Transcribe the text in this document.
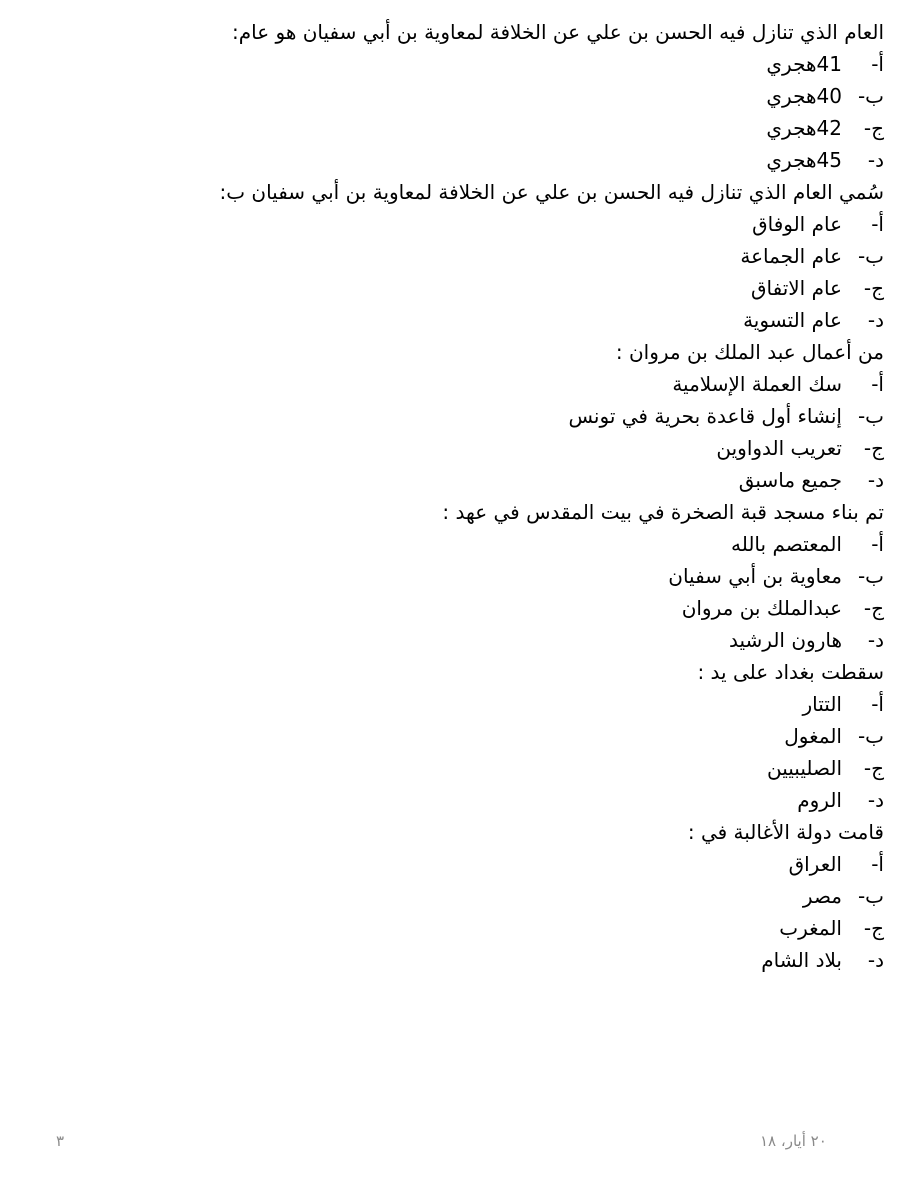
العام الذي تنازل فيه الحسن بن علي عن الخلافة لمعاوية بن أبي سفيان هو عام:
أ-
41هجري
ب-
40هجري
ج-
42هجري
د-
45هجري
سُمي العام الذي تنازل فيه الحسن بن علي عن الخلافة لمعاوية بن أبي سفيان ب:
أ-
عام الوفاق
ب-
عام الجماعة
ج-
عام الاتفاق
د-
عام التسوية
من أعمال عبد الملك بن مروان :
أ-
سك العملة الإسلامية
ب-
إنشاء أول قاعدة بحرية في تونس
ج-
تعريب الدواوين
د-
جميع ماسبق
تم بناء مسجد قبة الصخرة في بيت المقدس في عهد :
أ-
المعتصم بالله
ب-
معاوية بن أبي سفيان
ج-
عبدالملك بن مروان
د-
هارون الرشيد
سقطت بغداد على يد :
أ-
التتار
ب-
المغول
ج-
الصليبيين
د-
الروم
قامت دولة الأغالبة في :
أ-
العراق
ب-
مصر
ج-
المغرب
د-
بلاد الشام
٢٠ أيار، ١٨
٣
